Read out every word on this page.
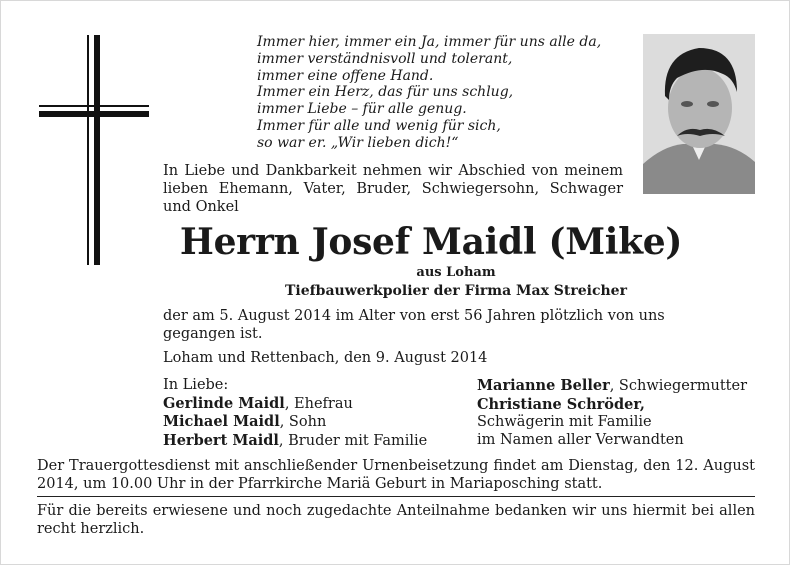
Immer hier, immer ein Ja, immer für uns alle da,
immer verständnisvoll und tolerant,
immer eine offene Hand.
Immer ein Herz, das für uns schlug,
immer Liebe – für alle genug.
Immer für alle und wenig für sich,
so war er. „Wir lieben dich!“
In Liebe und Dankbarkeit nehmen wir Abschied von meinem lieben Ehemann, Vater, Bruder, Schwiegersohn, Schwager und Onkel
Herrn Josef Maidl (Mike)
aus Loham
Tiefbauwerkpolier der Firma Max Streicher
der am 5. August 2014 im Alter von erst 56 Jahren plötzlich von uns gegangen ist.
Loham und Rettenbach, den 9. August 2014
In Liebe:
Gerlinde Maidl, Ehefrau
Michael Maidl, Sohn
Herbert Maidl, Bruder mit Familie
Marianne Beller, Schwiegermutter
Christiane Schröder,
Schwägerin mit Familie
im Namen aller Verwandten
Der Trauergottesdienst mit anschließender Urnenbeisetzung findet am Dienstag, den 12. August 2014, um 10.00 Uhr in der Pfarrkirche Mariä Geburt in Mariaposching statt.
Für die bereits erwiesene und noch zugedachte Anteilnahme bedanken wir uns hiermit bei allen recht herzlich.
